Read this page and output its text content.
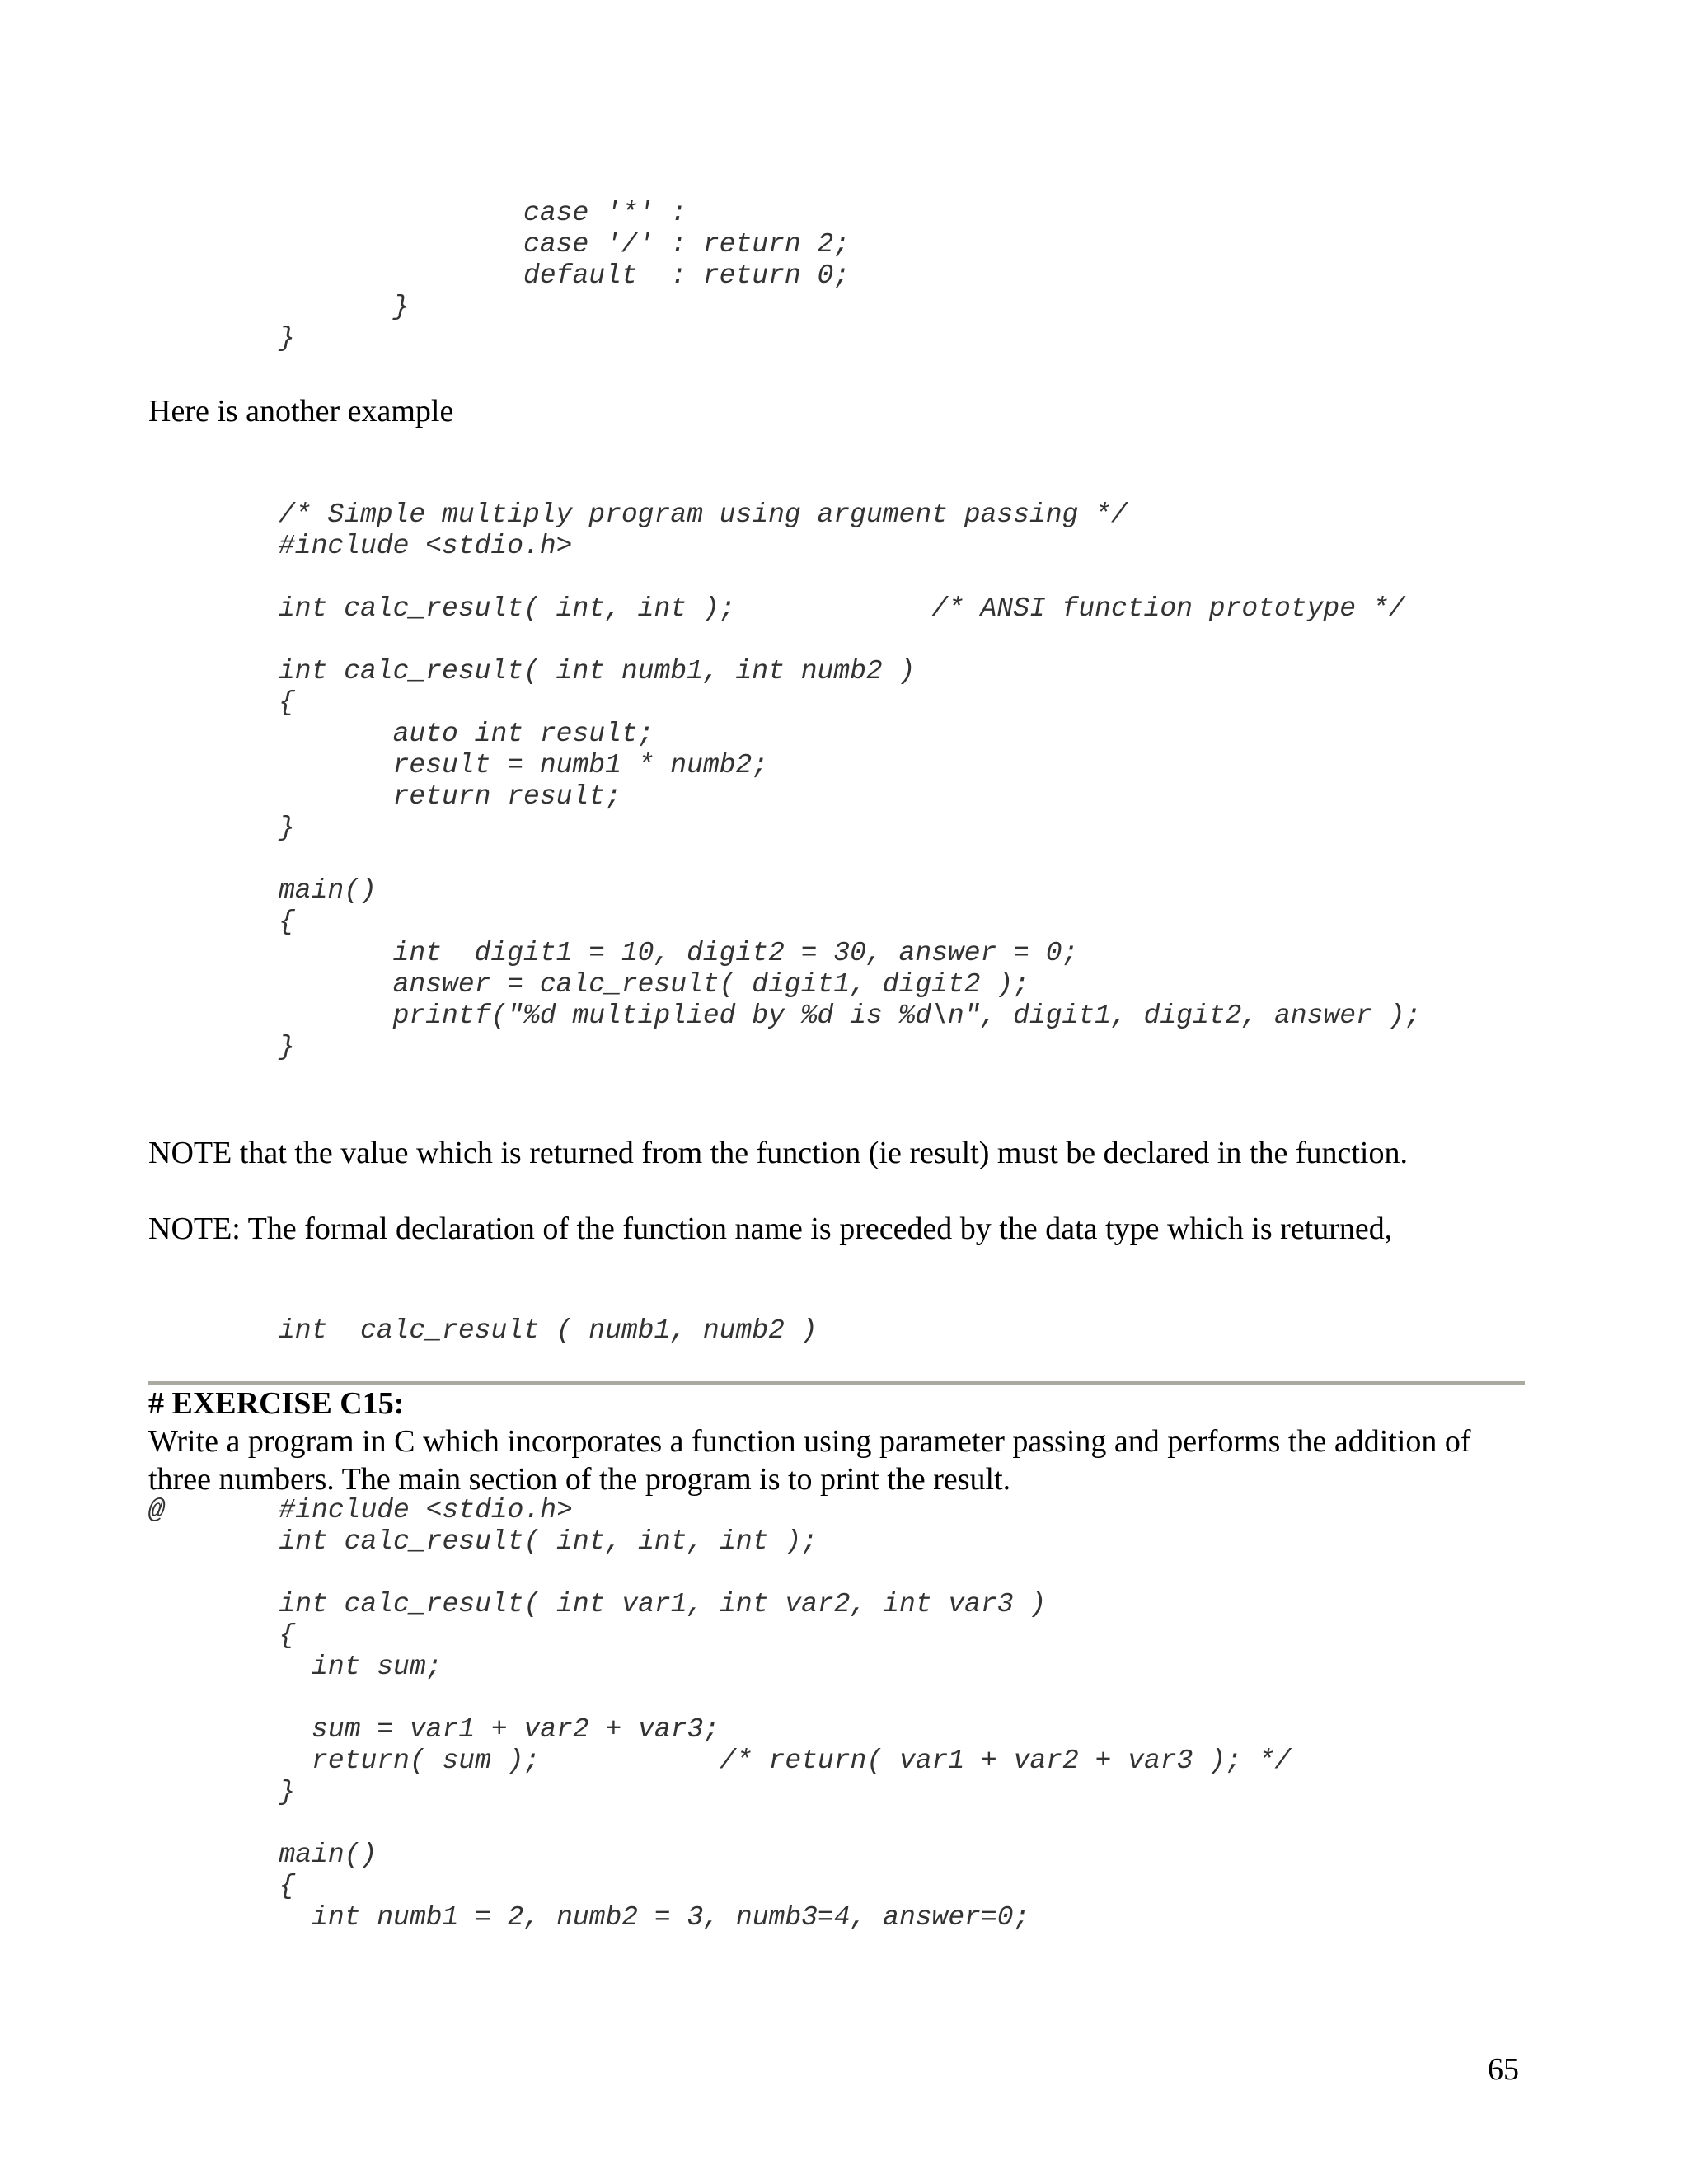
case '*' :
case '/' : return 2;
default  : return 0;
}
}

Here is another example

/* Simple multiply program using argument passing */
#include <stdio.h>
int calc_result( int, int );            /* ANSI function prototype */
int calc_result( int numb1, int numb2 )
{
auto int result;
result = numb1 * numb2;
return result;
}
main()
{
int  digit1 = 10, digit2 = 30, answer = 0;
answer = calc_result( digit1, digit2 );
printf("%d multiplied by %d is %d\n", digit1, digit2, answer );
}

NOTE that the value which is returned from the function (ie result) must be declared in the function.

NOTE: The formal declaration of the function name is preceded by the data type which is returned,

int  calc_result ( numb1, numb2 )

# EXERCISE C15:

Write a program in C which incorporates a function using parameter passing and performs the addition of three numbers. The main section of the program is to print the result.

@       #include <stdio.h>
int calc_result( int, int, int );
int calc_result( int var1, int var2, int var3 )
{
int sum;
sum = var1 + var2 + var3;
return( sum );           /* return( var1 + var2 + var3 ); */
}
main()
{
int numb1 = 2, numb2 = 3, numb3=4, answer=0;
65
